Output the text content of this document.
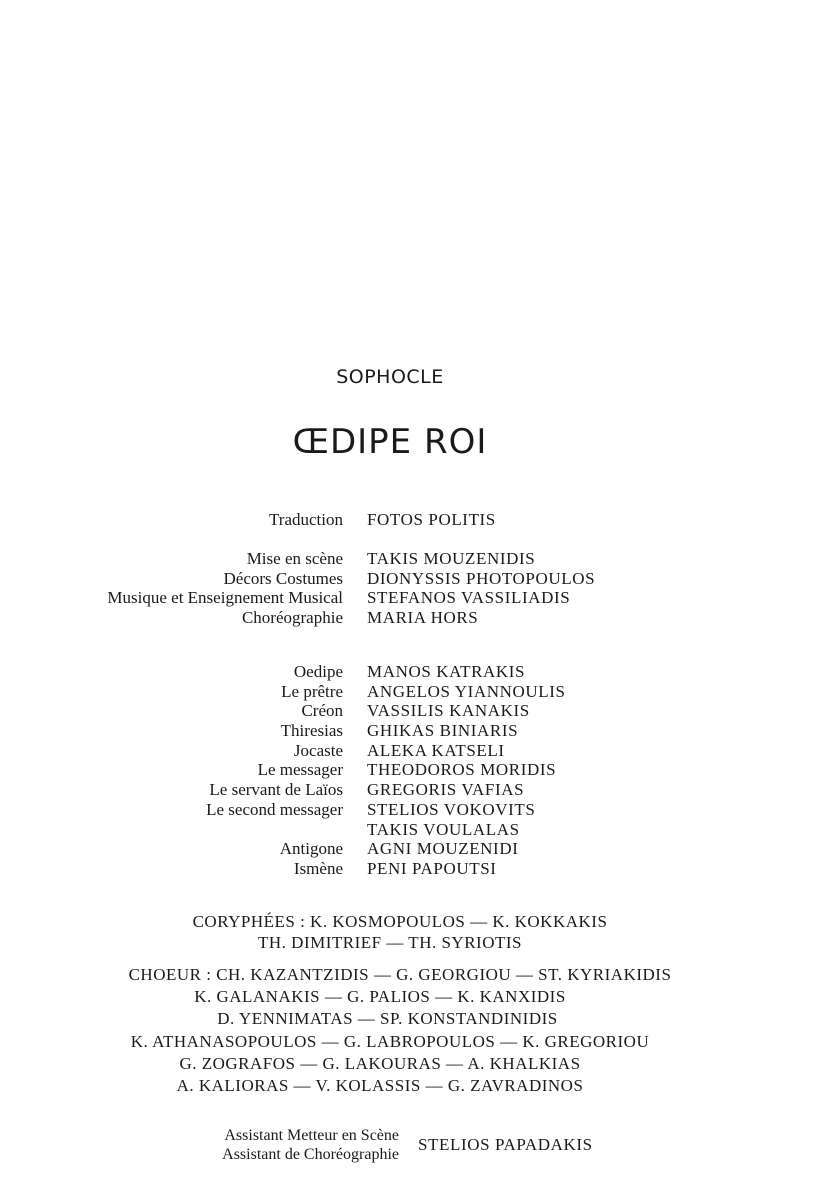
SOPHOCLE
ŒDIPE ROI
Traduction FOTOS POLITIS
Mise en scène TAKIS MOUZENIDIS
Décors Costumes DIONYSSIS PHOTOPOULOS
Musique et Enseignement Musical STEFANOS VASSILIADIS
Choréographie MARIA HORS
Oedipe MANOS KATRAKIS
Le prêtre ANGELOS YIANNOULIS
Créon VASSILIS KANAKIS
Thiresias GHIKAS BINIARIS
Jocaste ALEKA KATSELI
Le messager THEODOROS MORIDIS
Le servant de Laïos GREGORIS VAFIAS
Le second messager STELIOS VOKOVITS
TAKIS VOULALAS
Antigone AGNI MOUZENIDI
Ismène PENI PAPOUTSI
CORYPHÉES : K. KOSMOPOULOS — K. KOKKAKIS
TH. DIMITRIEF — TH. SYRIOTIS
CHOEUR : CH. KAZANTZIDIS — G. GEORGIOU — ST. KYRIAKIDIS
K. GALANAKIS — G. PALIOS — K. KANXIDIS
D. YENNIMATAS — SP. KONSTANDINIDIS
K. ATHANASOPOULOS — G. LABROPOULOS — K. GREGORIOU
G. ZOGRAFOS — G. LAKOURAS — A. KHALKIAS
A. KALIORAS — V. KOLASSIS — G. ZAVRADINOS
Assistant Metteur en Scène
Assistant de Choréographie
STELIOS PAPADAKIS
